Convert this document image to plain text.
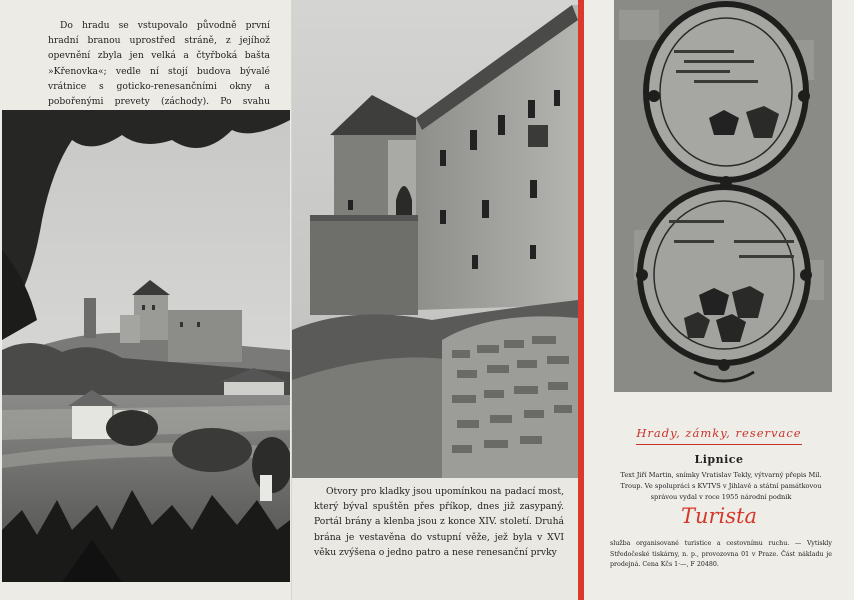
Do hradu se vstupovalo původně první hradní branou uprostřed stráně, z jejíhož opevnění zbyla jen velká a čtyřboká bašta »Křenovka«; vedle ní stojí budova bývalé vrátnice s goticko-renesančními okny a pobořenými prevety (záchody). Po svahu

Otvory pro kladky jsou upomínkou na padací most, který býval spuštěn přes příkop, dnes již zasypaný. Portál brány a klenba jsou z konce XIV. století. Druhá brána je vestavěna do vstupní věže, jež byla v XVI věku zvýšena o jedno patro a nese renesanční prvky

Hrady, zámky, reservace
Lipnice
Text Jiří Martin, snímky Vratislav Tekly, výtvarný přepis Mil. Troup. Ve spolupráci s KVTVS v Jihlavě a státní památkovou správou vydal v roce 1955 národní podnik
Turista
služba organisované turistice a cestovnímu ruchu. — Vytiskly Středočeské tiskárny, n. p., provozovna 01 v Praze. Část nákladu je prodejná. Cena Kčs 1·—, F 20480.
